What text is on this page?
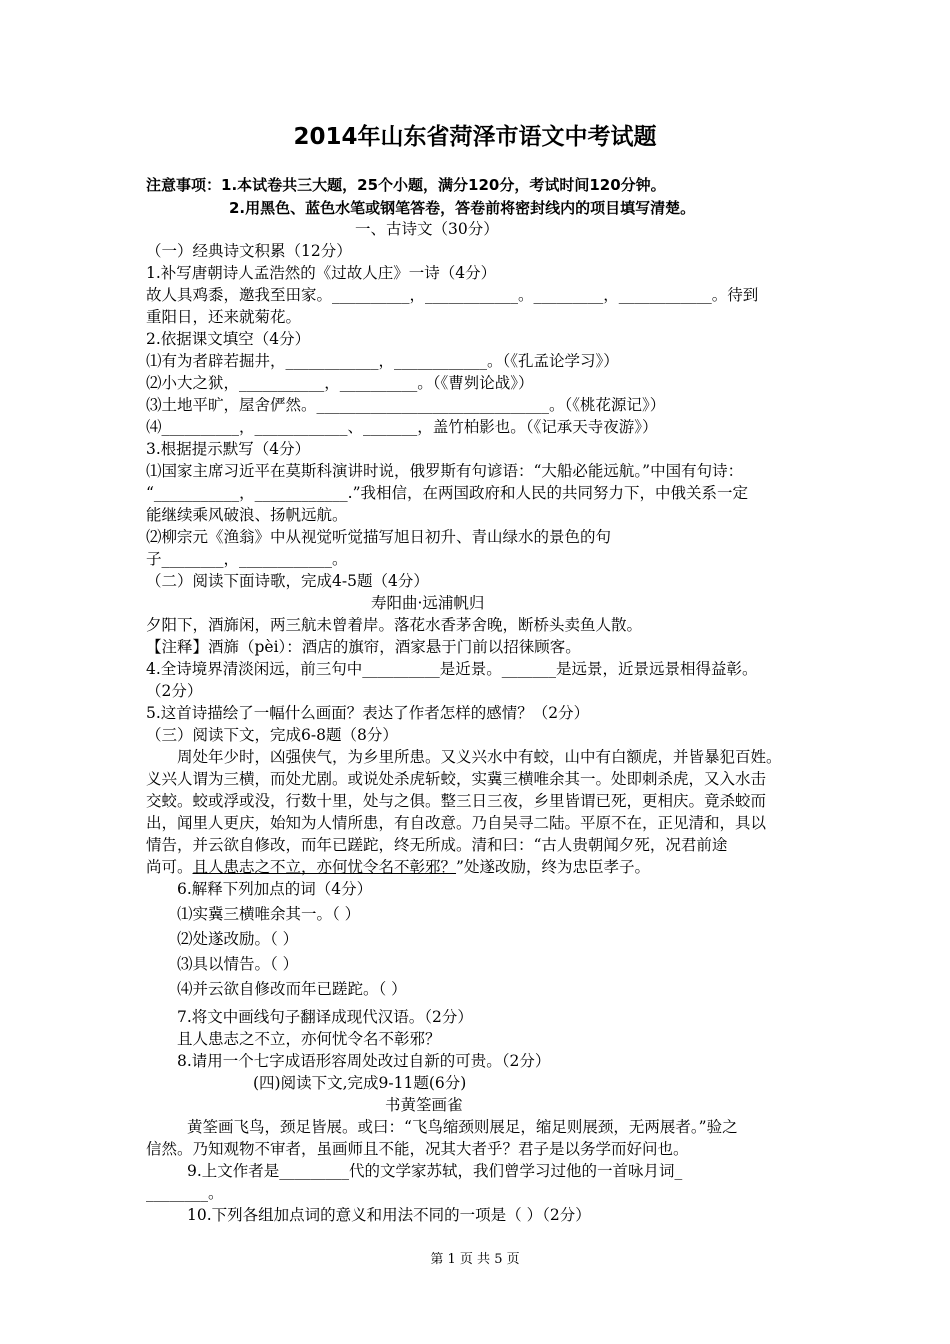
2014年山东省菏泽市语文中考试题
注意事项：1.本试卷共三大题，25个小题，满分120分，考试时间120分钟。
2.用黑色、蓝色水笔或钢笔答卷，答卷前将密封线内的项目填写清楚。
一、古诗文（30分）
（一）经典诗文积累（12分）
1.补写唐朝诗人孟浩然的《过故人庄》一诗（4分）
故人具鸡黍，邀我至田家。__________，____________。_________，____________。待到
重阳日，还来就菊花。
2.依据课文填空（4分）
⑴有为者辟若掘井，____________，____________。（《孔孟论学习》）
⑵小大之狱，___________，__________。（《曹刿论战》）
⑶土地平旷，屋舍俨然。______________________________。（《桃花源记》）
⑷__________，____________、_______，盖竹柏影也。（《记承天寺夜游》）
3.根据提示默写（4分）
⑴国家主席习近平在莫斯科演讲时说，俄罗斯有句谚语：“大船必能远航。”中国有句诗：
“___________，____________.”我相信，在两国政府和人民的共同努力下，中俄关系一定
能继续乘风破浪、扬帆远航。
⑵柳宗元《渔翁》中从视觉听觉描写旭日初升、青山绿水的景色的句
子________，____________。
（二）阅读下面诗歌，完成4-5题（4分）
寿阳曲·远浦帆归
夕阳下，酒旆闲，两三航未曾着岸。落花水香茅舍晚，断桥头卖鱼人散。
【注释】酒旆（pèi）：酒店的旗帘，酒家悬于门前以招徕顾客。
4.全诗境界清淡闲远，前三句中__________是近景。_______是远景，近景远景相得益彰。
（2分）
5.这首诗描绘了一幅什么画面？表达了作者怎样的感情？（2分）
（三）阅读下文，完成6-8题（8分）
周处年少时，凶强侠气，为乡里所患。又义兴水中有蛟，山中有白额虎，并皆暴犯百姓。
义兴人谓为三横，而处尤剧。或说处杀虎斩蛟，实冀三横唯余其一。处即刺杀虎，又入水击
交蛟。蛟或浮或没，行数十里，处与之俱。整三日三夜，乡里皆谓已死，更相庆。竟杀蛟而
出，闻里人更庆，始知为人情所患，有自改意。乃自吴寻二陆。平原不在，正见清和，具以
情告，并云欲自修改，而年已蹉跎，终无所成。清和曰：“古人贵朝闻夕死，况君前途
尚可。且人患志之不立，亦何忧令名不彰邪？”处遂改励，终为忠臣孝子。
6.解释下列加点的词（4分）
⑴实冀三横唯余其一。（ ）
⑵处遂改励。（ ）
⑶具以情告。（ ）
⑷并云欲自修改而年已蹉跎。（ ）
7.将文中画线句子翻译成现代汉语。（2分）
且人患志之不立，亦何忧令名不彰邪？
8.请用一个七字成语形容周处改过自新的可贵。（2分）
(四)阅读下文,完成9-11题(6分)
书黄筌画雀
黄筌画飞鸟，颈足皆展。或曰：“飞鸟缩颈则展足，缩足则展颈，无两展者。”验之
信然。乃知观物不审者，虽画师且不能，况其大者乎？君子是以务学而好问也。
9.上文作者是_________代的文学家苏轼，我们曾学习过他的一首咏月词_
________。
10.下列各组加点词的意义和用法不同的一项是（ ）（2分）
第 1 页 共 5 页
